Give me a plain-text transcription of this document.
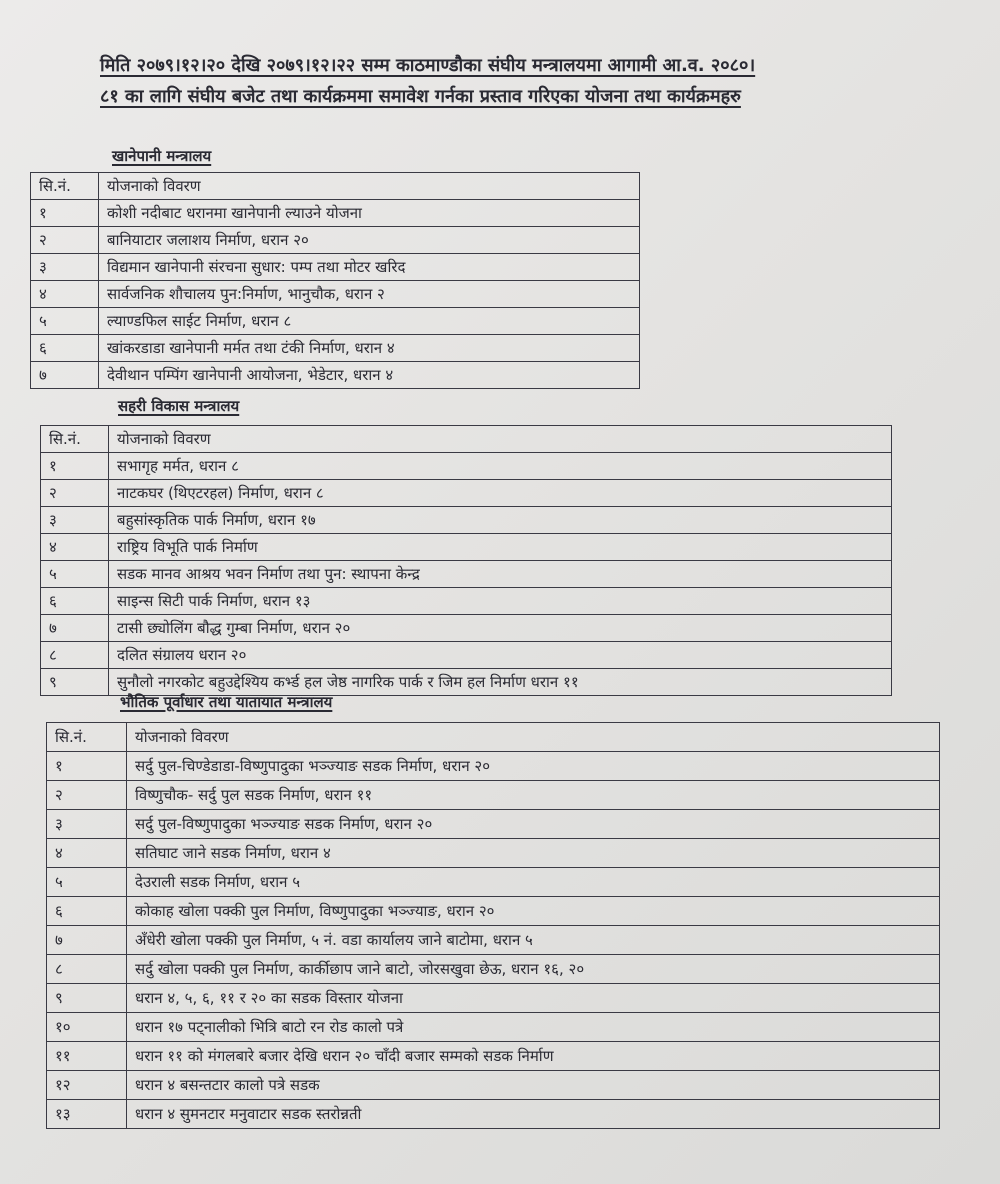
मिति २०७९।१२।२० देखि २०७९।१२।२२ सम्म काठमाण्डौका संघीय मन्त्रालयमा आगामी आ.व. २०८०।
८१ का लागि संघीय बजेट तथा कार्यक्रममा समावेश गर्नका प्रस्ताव गरिएका योजना तथा कार्यक्रमहरु
खानेपानी मन्त्रालय
सि.नं.	योजनाको विवरण
१	कोशी नदीबाट धरानमा खानेपानी ल्याउने योजना
२	बानियाटार जलाशय निर्माण, धरान २०
३	विद्यमान खानेपानी संरचना सुधार: पम्प तथा मोटर खरिद
४	सार्वजनिक शौचालय पुन:निर्माण, भानुचौक, धरान २
५	ल्याण्डफिल साईट निर्माण, धरान ८
६	खांकरडाडा खानेपानी मर्मत तथा टंकी निर्माण, धरान ४
७	देवीथान पम्पिंग खानेपानी आयोजना, भेडेटार, धरान ४
सहरी विकास मन्त्रालय
सि.नं.	योजनाको विवरण
१	सभागृह मर्मत, धरान ८
२	नाटकघर (थिएटरहल) निर्माण, धरान ८
३	बहुसांस्कृतिक पार्क निर्माण, धरान १७
४	राष्ट्रिय विभूति पार्क निर्माण
५	सडक मानव आश्रय भवन निर्माण तथा पुन: स्थापना केन्द्र
६	साइन्स सिटी पार्क निर्माण, धरान १३
७	टासी छ्योलिंग बौद्ध गुम्बा निर्माण, धरान २०
८	दलित संग्रालय धरान २०
९	सुनौलो नगरकोट बहुउद्देश्यिय कर्भ्ड हल जेष्ठ नागरिक पार्क र जिम हल निर्माण धरान ११
भौतिक पूर्वाधार तथा यातायात मन्त्रालय
सि.नं.	योजनाको विवरण
१	सर्दु पुल-चिण्डेडाडा-विष्णुपादुका भञ्ज्याङ सडक निर्माण, धरान २०
२	विष्णुचौक- सर्दु पुल सडक निर्माण, धरान ११
३	सर्दु पुल-विष्णुपादुका भञ्ज्याङ सडक निर्माण, धरान २०
४	सतिघाट जाने सडक निर्माण, धरान ४
५	देउराली सडक निर्माण, धरान ५
६	कोकाह खोला पक्की पुल निर्माण, विष्णुपादुका भञ्ज्याङ, धरान २०
७	अँधेरी खोला पक्की पुल निर्माण, ५ नं. वडा कार्यालय जाने बाटोमा, धरान ५
८	सर्दु खोला पक्की पुल निर्माण, कार्कीछाप जाने बाटो, जोरसखुवा छेऊ, धरान १६, २०
९	धरान ४, ५, ६, ११ र २० का सडक विस्तार योजना
१०	धरान १७ पट्नालीको भित्रि बाटो रन रोड कालो पत्रे
११	धरान ११ को मंगलबारे बजार देखि धरान २० चाँदी बजार सम्मको सडक निर्माण
१२	धरान ४ बसन्तटार कालो पत्रे सडक
१३	धरान ४ सुमनटार मनुवाटार सडक स्तरोन्नती
